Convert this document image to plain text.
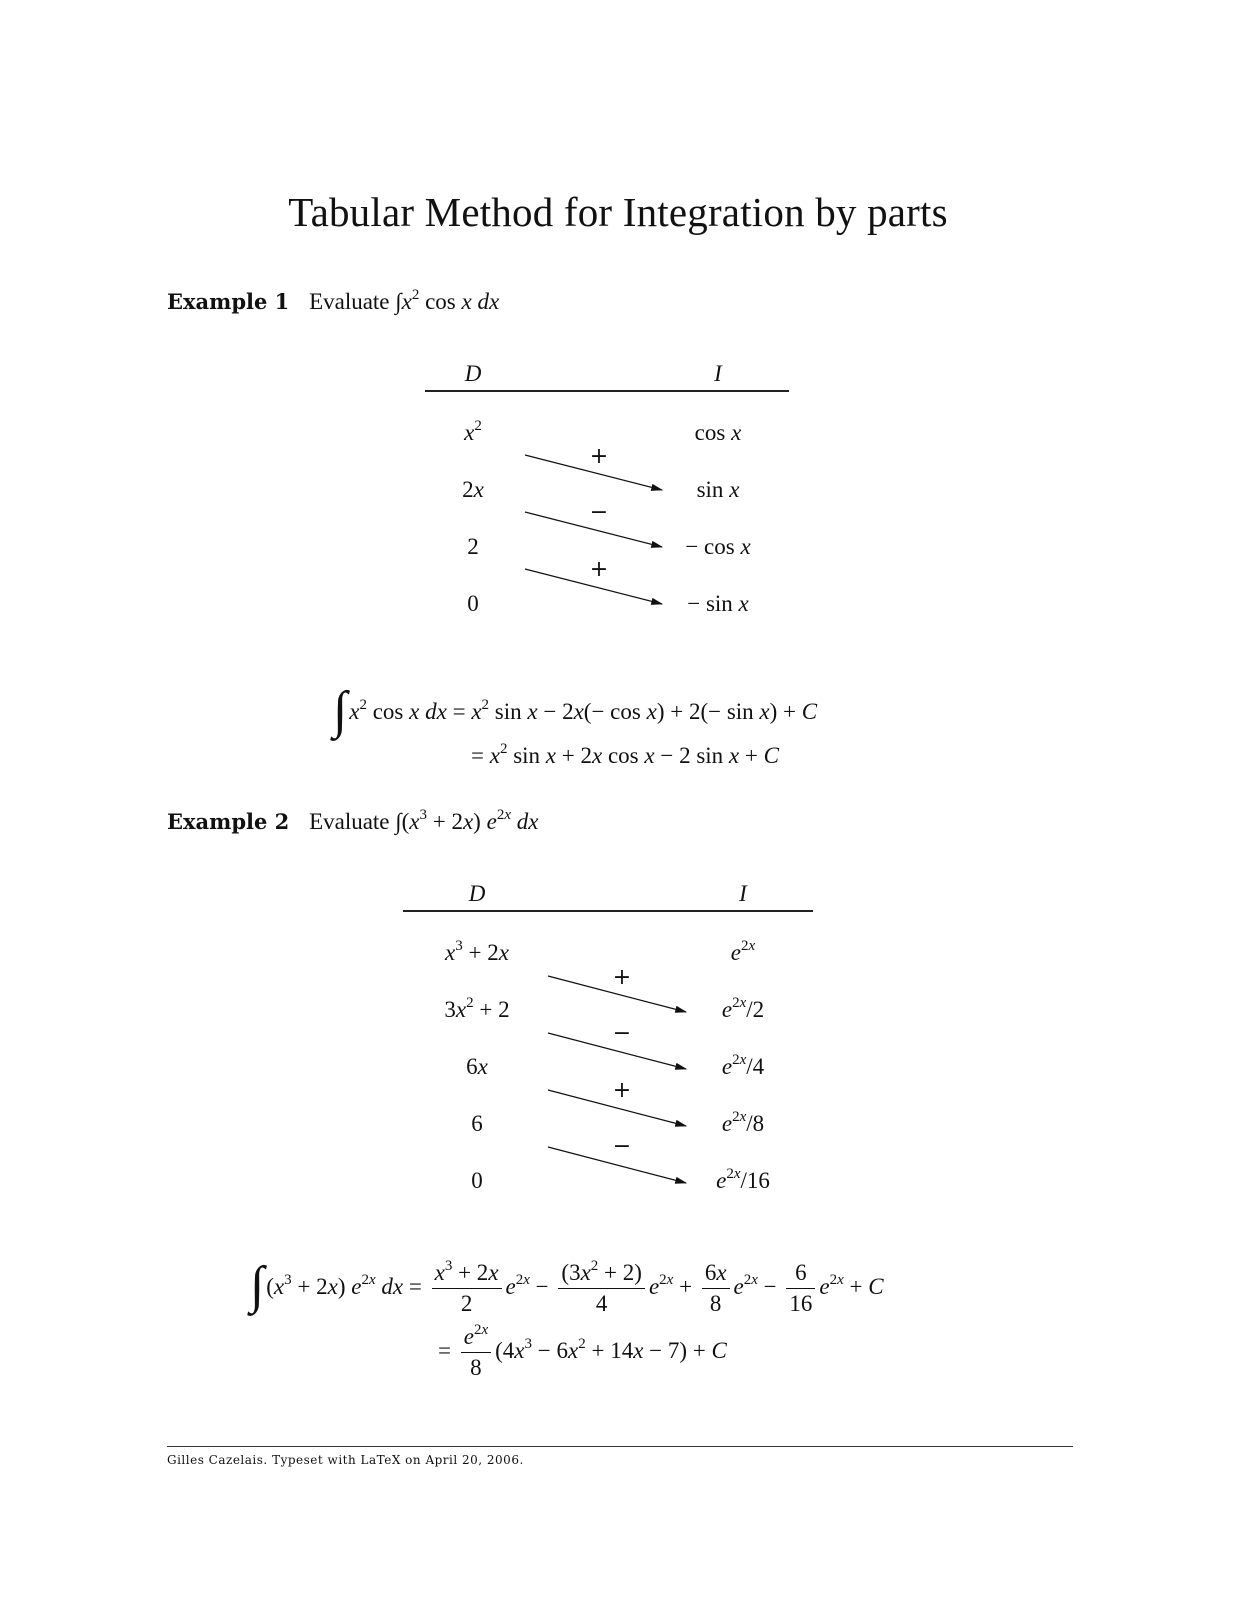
Tabular Method for Integration by parts
Example 1 Evaluate $\int x^2$ cos x dx
D	I
$x^2$
2x
2
0
cos x
sin x
− cos x
− sin x
+
−
+
$\int x^2$ cos x dx = $x^2$ sin x − 2x(− cos x) + 2(− sin x) + C
= $x^2$ sin x + 2x cos x − 2 sin x + C
Example 2 Evaluate $\int(x^3 + 2x)$ $e^{2x}$ dx
D	I
$x^3 + 2x$
$3x^2 + 2$
6x
6
0
$e^{2x}$
$e^{2x}/2$
$e^{2x}/4$
$e^{2x}/8$
$e^{2x}/16$
+
−
+
−
$\int(x^3 + 2x)$ $e^{2x}$ dx = $\frac{x^3 + 2x}{2} e^{2x} - \frac{(3x^2 + 2)}{4} e^{2x} + \frac{6x}{8} e^{2x} - \frac{6}{16} e^{2x} + C$
= $\frac{e^{2x}}{8} (4x^3 - 6x^2 + 14x - 7) + C$
Gilles Cazelais. Typeset with LaTeX on April 20, 2006.
